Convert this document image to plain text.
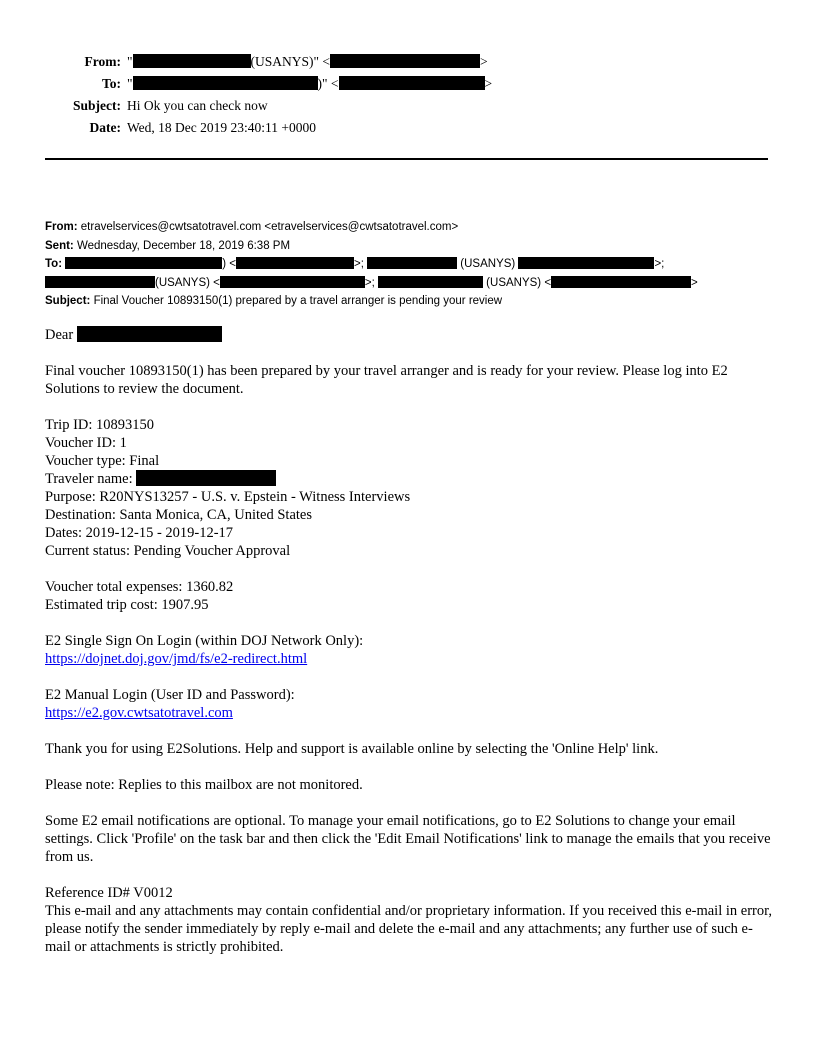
From: "	(USANYS)" <	>
To: "	)" <	>
Subject: Hi Ok you can check now
Date: Wed, 18 Dec 2019 23:40:11 +0000
From: etravelservices@cwtsatotravel.com <etravelservices@cwtsatotravel.com>
Sent: Wednesday, December 18, 2019 6:38 PM
To:	) <	>;	(USANYS)	>; (USANYS) <	>;	(USANYS) <	>
Subject: Final Voucher 10893150(1) prepared by a travel arranger is pending your review
Dear
Final voucher 10893150(1) has been prepared by your travel arranger and is ready for your review. Please log into E2 Solutions to review the document.
Trip ID: 10893150
Voucher ID: 1
Voucher type: Final
Traveler name:
Purpose: R20NYS13257 - U.S. v. Epstein - Witness Interviews
Destination: Santa Monica, CA, United States
Dates: 2019-12-15 - 2019-12-17
Current status: Pending Voucher Approval
Voucher total expenses: 1360.82
Estimated trip cost: 1907.95
E2 Single Sign On Login (within DOJ Network Only):
https://dojnet.doj.gov/jmd/fs/e2-redirect.html
E2 Manual Login (User ID and Password):
https://e2.gov.cwtsatotravel.com
Thank you for using E2Solutions. Help and support is available online by selecting the 'Online Help' link.
Please note: Replies to this mailbox are not monitored.
Some E2 email notifications are optional. To manage your email notifications, go to E2 Solutions to change your email settings. Click 'Profile' on the task bar and then click the 'Edit Email Notifications' link to manage the emails that you receive from us.
Reference ID# V0012
This e-mail and any attachments may contain confidential and/or proprietary information. If you received this e-mail in error, please notify the sender immediately by reply e-mail and delete the e-mail and any attachments; any further use of such e-mail or attachments is strictly prohibited.
